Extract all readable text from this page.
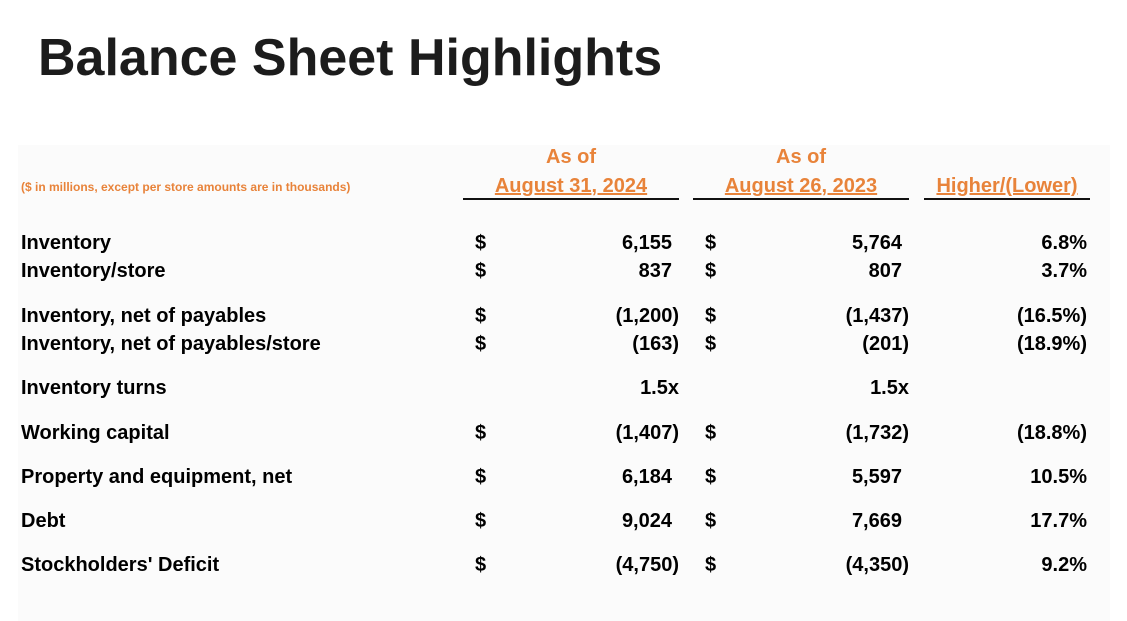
Balance Sheet Highlights
($ in millions, except per store amounts are in thousands)
As of
August 31, 2024
As of
August 26, 2023
	Higher/(Lower)
Inventory	$	6,155 $	5,764	6.8%
Inventory/store	$	837 $	807	3.7%
Inventory, net of payables	$	(1,200) $	(1,437)	(16.5%)
Inventory, net of payables/store	$	(163) $	(201)	(18.9%)
Inventory turns	1.5x	1.5x
Working capital	$	(1,407) $	(1,732)	(18.8%)
Property and equipment, net	$	6,184 $	5,597	10.5%
Debt	$	9,024 $	7,669	17.7%
Stockholders' Deficit	$	(4,750) $	(4,350)	9.2%
